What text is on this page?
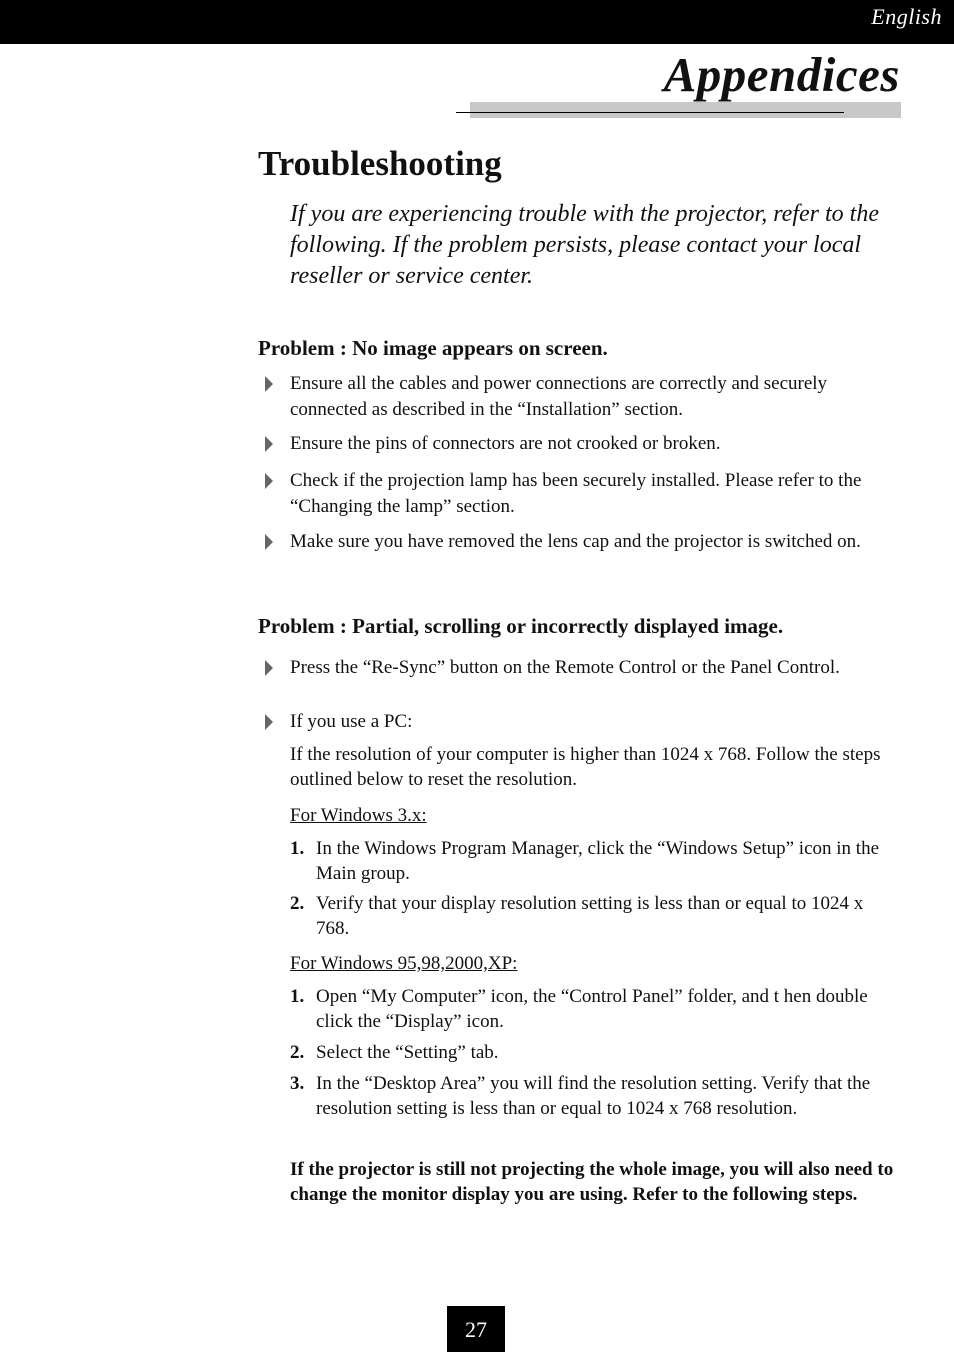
English
Appendices
Troubleshooting
If you are experiencing trouble with the projector, refer to the following. If the problem persists, please contact your local reseller or service center.
Problem : No image appears on screen.
Ensure all the cables and power connections are correctly and securely connected as described in the “Installation” section.
Ensure the pins of connectors are not crooked or broken.
Check if the projection lamp has been securely installed. Please refer to the “Changing the lamp” section.
Make sure you have removed the lens cap and the projector is switched on.
Problem : Partial, scrolling or incorrectly displayed image.
Press the “Re-Sync” button on the Remote Control or the Panel Control.
If you use a PC:
If the resolution of your computer is higher than 1024 x 768. Follow the steps outlined below to reset the resolution.
For Windows 3.x:
1. In the Windows Program Manager, click the “Windows Setup” icon in the Main group.
2. Verify that your display resolution setting is less than or equal to 1024 x 768.
For Windows 95,98,2000,XP:
1. Open “My Computer” icon, the “Control Panel” folder, and t hen double click the “Display” icon.
2. Select the “Setting” tab.
3. In the “Desktop Area” you will find the resolution setting. Verify that the resolution setting is less than or equal to 1024 x 768 resolution.
If the projector is still not projecting the whole image, you will also need to change the monitor display you are using. Refer to the following steps.
27
